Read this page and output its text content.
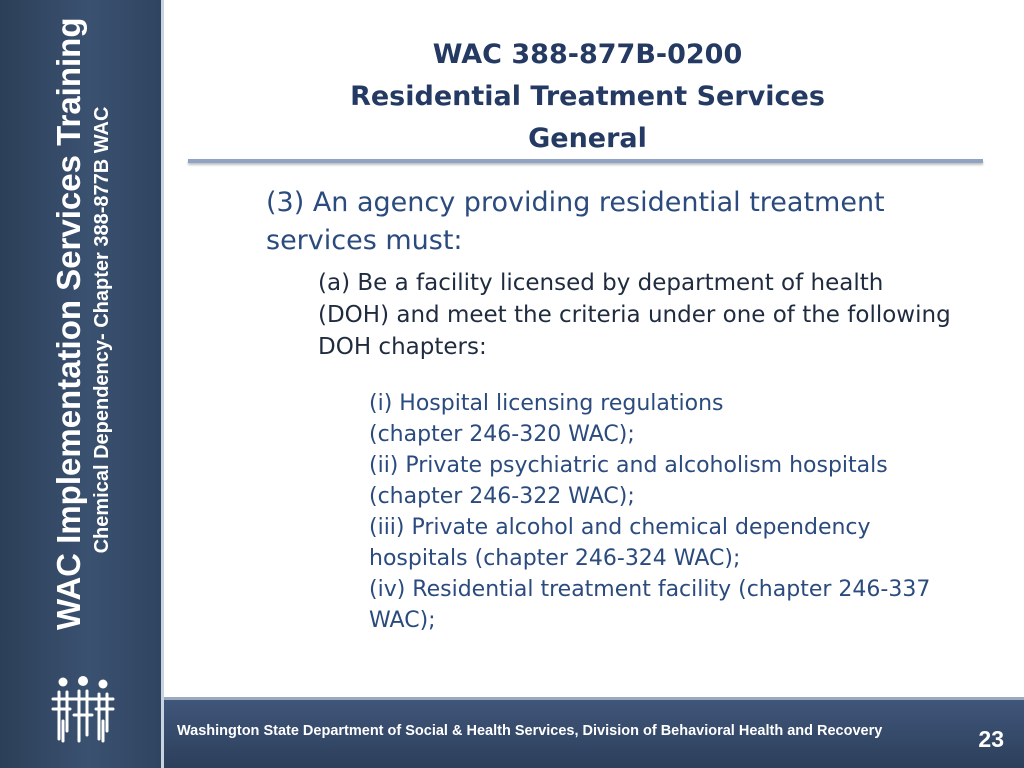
WAC Implementation Services Training Chemical Dependency- Chapter 388-877B WAC
WAC 388-877B-0200
Residential Treatment Services
General
(3) An agency providing residential treatment services must:
(a) Be a facility licensed by department of health (DOH) and meet the criteria under one of the following DOH chapters:
(i) Hospital licensing regulations
(chapter 246-320 WAC);
(ii) Private psychiatric and alcoholism hospitals
(chapter 246-322 WAC);
(iii) Private alcohol and chemical dependency
hospitals (chapter 246-324 WAC);
(iv) Residential treatment facility (chapter 246-337
WAC);
Washington State Department of Social & Health Services, Division of Behavioral Health and Recovery	23
